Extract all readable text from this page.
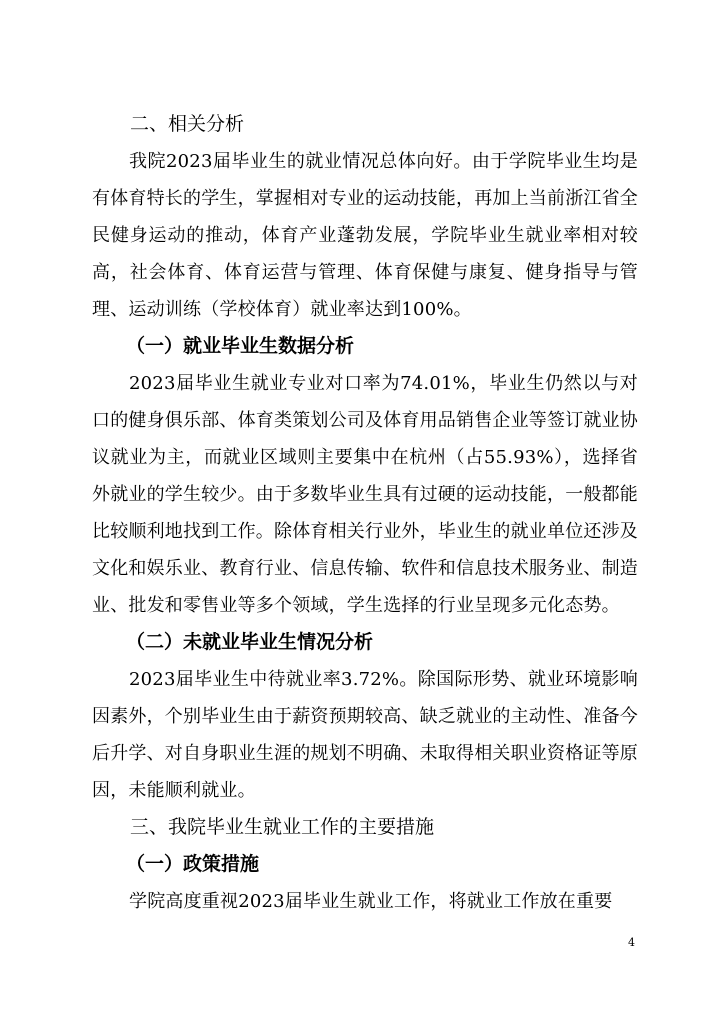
二、相关分析

我院2023届毕业生的就业情况总体向好。由于学院毕业生均是有体育特长的学生，掌握相对专业的运动技能，再加上当前浙江省全民健身运动的推动，体育产业蓬勃发展，学院毕业生就业率相对较高，社会体育、体育运营与管理、体育保健与康复、健身指导与管理、运动训练（学校体育）就业率达到100%。

（一）就业毕业生数据分析

2023届毕业生就业专业对口率为74.01%，毕业生仍然以与对口的健身俱乐部、体育类策划公司及体育用品销售企业等签订就业协议就业为主，而就业区域则主要集中在杭州（占55.93%），选择省外就业的学生较少。由于多数毕业生具有过硬的运动技能，一般都能比较顺利地找到工作。除体育相关行业外，毕业生的就业单位还涉及文化和娱乐业、教育行业、信息传输、软件和信息技术服务业、制造业、批发和零售业等多个领域，学生选择的行业呈现多元化态势。

（二）未就业毕业生情况分析

2023届毕业生中待就业率3.72%。除国际形势、就业环境影响因素外，个别毕业生由于薪资预期较高、缺乏就业的主动性、准备今后升学、对自身职业生涯的规划不明确、未取得相关职业资格证等原因，未能顺利就业。

三、我院毕业生就业工作的主要措施
（一）政策措施

学院高度重视2023届毕业生就业工作，将就业工作放在重要

4
